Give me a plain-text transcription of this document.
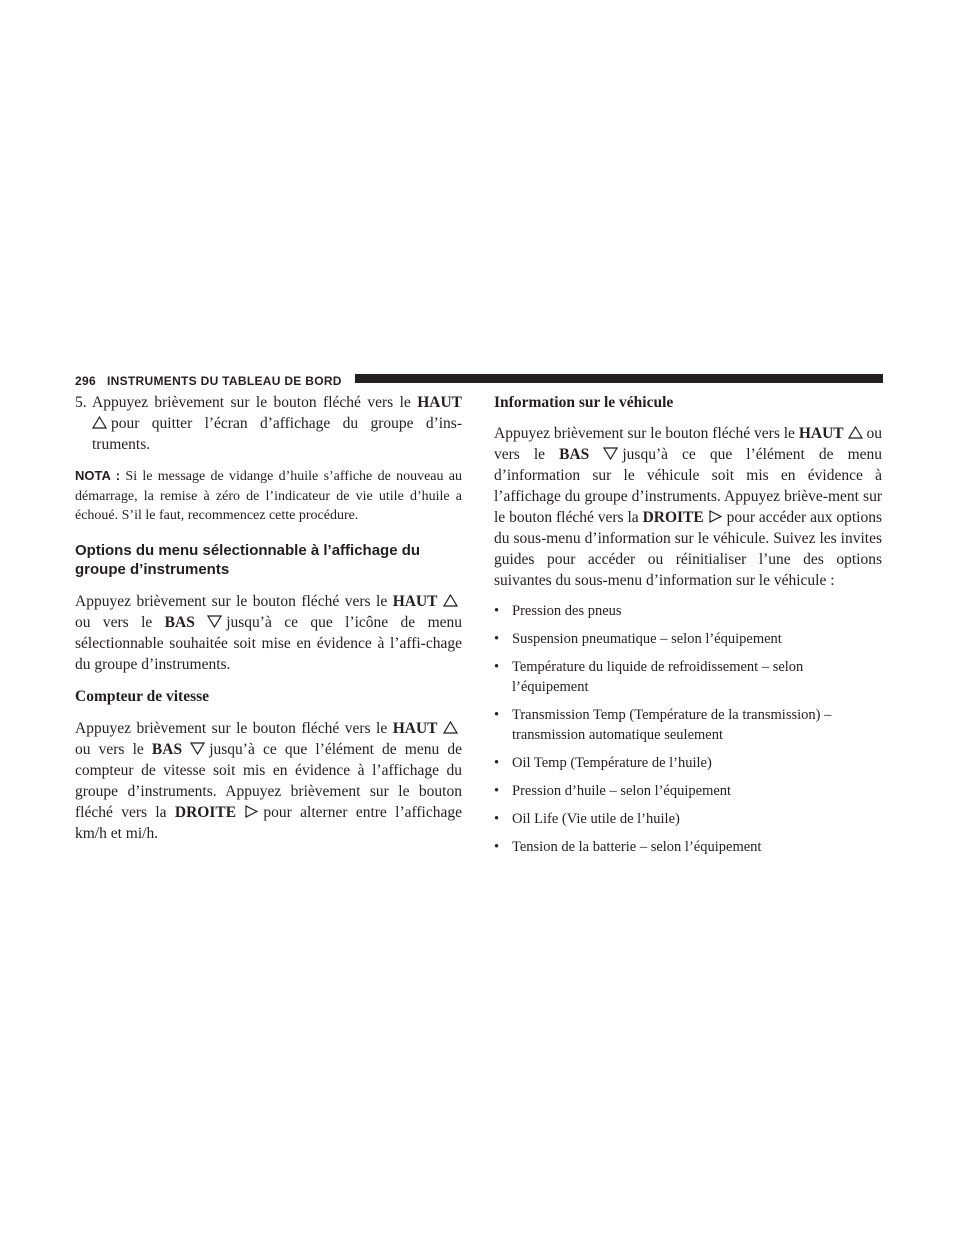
296 INSTRUMENTS DU TABLEAU DE BORD
5. Appuyez brièvement sur le bouton fléché vers le HAUT
pour quitter l’écran d’affichage du groupe d’ins-truments.

NOTA : Si le message de vidange d’huile s’affiche de nouveau au démarrage, la remise à zéro de l’indicateur de vie utile d’huile a échoué. S’il le faut, recommencez cette procédure.

Options du menu sélectionnable à l’affichage du groupe d’instruments

Appuyez brièvement sur le bouton fléché vers le HAUT
ou vers le BAS jusqu’à ce que l’icône de menu sélectionnable souhaitée soit mise en évidence à l’affi-chage du groupe d’instruments.

Compteur de vitesse

Appuyez brièvement sur le bouton fléché vers le HAUT
ou vers le BAS jusqu’à ce que l’élément de menu de compteur de vitesse soit mis en évidence à l’affichage du groupe d’instruments. Appuyez brièvement sur le bouton fléché vers la DROITE pour alterner entre l’affichage km/h et mi/h.

Information sur le véhicule

Appuyez brièvement sur le bouton fléché vers le HAUT ou vers le BAS jusqu’à ce que l’élément de menu d’information sur le véhicule soit mis en évidence à l’affichage du groupe d’instruments. Appuyez briève-ment sur le bouton fléché vers la DROITE pour accéder aux options du sous-menu d’information sur le véhicule. Suivez les invites guides pour accéder ou réinitialiser l’une des options suivantes du sous-menu d’information sur le véhicule :

• Pression des pneus
• Suspension pneumatique – selon l’équipement
• Température du liquide de refroidissement – selon l’équipement
• Transmission Temp (Température de la transmission) – transmission automatique seulement
• Oil Temp (Température de l’huile)
• Pression d’huile – selon l’équipement
• Oil Life (Vie utile de l’huile)
• Tension de la batterie – selon l’équipement
